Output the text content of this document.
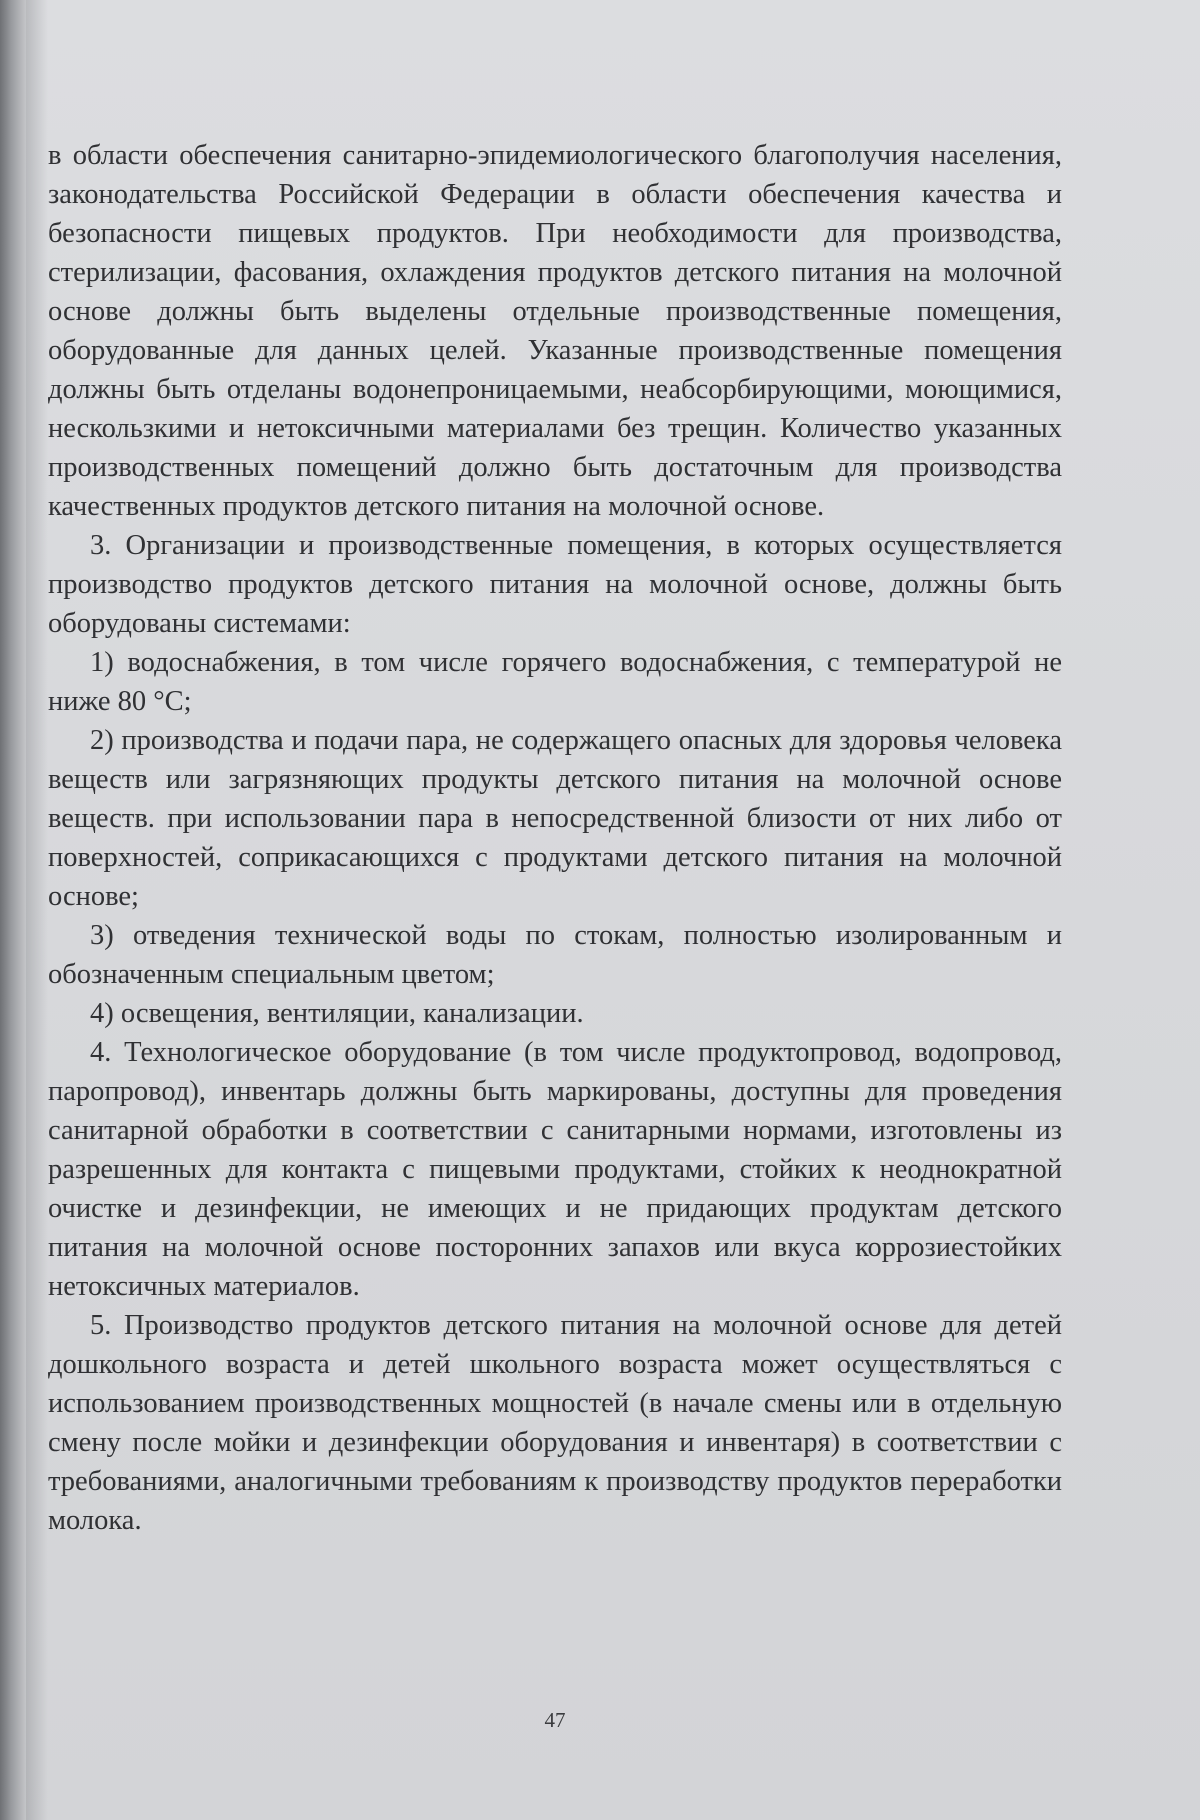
в области обеспечения санитарно-эпидемиологического благополучия населения, законодательства Российской Федерации в области обеспечения качества и безопасности пищевых продуктов. При необходимости для производства, стерилизации, фасования, охлаждения продуктов детского питания на молочной основе должны быть выделены отдельные производственные помещения, оборудованные для данных целей. Указанные производственные помещения должны быть отделаны водонепроницаемыми, неабсорбирующими, моющимися, нескользкими и нетоксичными материалами без трещин. Количество указанных производственных помещений должно быть достаточным для производства качественных продуктов детского питания на молочной основе.

3. Организации и производственные помещения, в которых осуществляется производство продуктов детского питания на молочной основе, должны быть оборудованы системами:

1) водоснабжения, в том числе горячего водоснабжения, с температурой не ниже 80 °С;

2) производства и подачи пара, не содержащего опасных для здоровья человека веществ или загрязняющих продукты детского питания на молочной основе веществ. при использовании пара в непосредственной близости от них либо от поверхностей, соприкасающихся с продуктами детского питания на молочной основе;

3) отведения технической воды по стокам, полностью изолированным и обозначенным специальным цветом;

4) освещения, вентиляции, канализации.

4. Технологическое оборудование (в том числе продуктопровод, водопровод, паропровод), инвентарь должны быть маркированы, доступны для проведения санитарной обработки в соответствии с санитарными нормами, изготовлены из разрешенных для контакта с пищевыми продуктами, стойких к неоднократной очистке и дезинфекции, не имеющих и не придающих продуктам детского питания на молочной основе посторонних запахов или вкуса коррозиестойких нетоксичных материалов.

5. Производство продуктов детского питания на молочной основе для детей дошкольного возраста и детей школьного возраста может осуществляться с использованием производственных мощностей (в начале смены или в отдельную смену после мойки и дезинфекции оборудования и инвентаря) в соответствии с требованиями, аналогичными требованиям к производству продуктов переработки молока.

47
